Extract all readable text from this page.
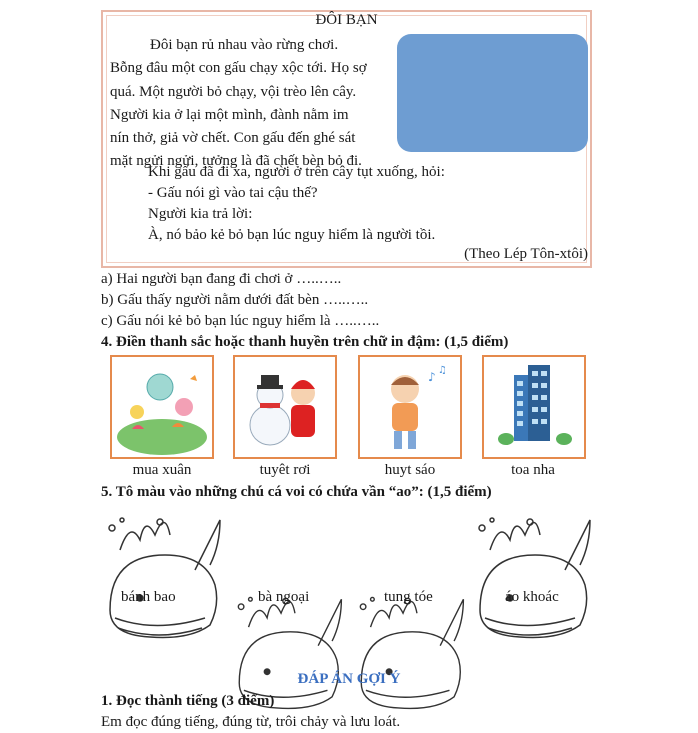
ĐÔI BẠN

Đôi bạn rủ nhau vào rừng chơi.

Bỗng đâu một con gấu chạy xộc tới. Họ sợ

quá. Một người bỏ chạy, vội trèo lên cây.

Người kia ở lại một mình, đành nằm im

nín thở, giả vờ chết. Con gấu đến ghé sát

mặt ngửi ngửi, tưởng là đã chết bèn bỏ đi.

Khi gấu đã đi xa, người ở trên cây tụt xuống, hỏi:
- Gấu nói gì vào tai cậu thế?
Người kia trả lời:
À, nó bảo kẻ bỏ bạn lúc nguy hiểm là người tồi.
(Theo Lép Tôn-xtôi)
a) Hai người bạn đang đi chơi ở …..…..
b) Gấu thấy người nằm dưới đất bèn …..…..
c) Gấu nói kẻ bỏ bạn lúc nguy hiểm là …..…..
4. Điền thanh sắc hoặc thanh huyền trên chữ in đậm: (1,5 điểm)
♪ ♫
mua xuân	tuyêt rơi	huyt sáo	toa nha
5. Tô màu vào những chú cá voi có chứa vần “ao”: (1,5 điểm)
bánh bao	bà ngoại	tung tóe	áo khoác
ĐÁP ÁN GỢI Ý
1. Đọc thành tiếng (3 điểm)
Em đọc đúng tiếng, đúng từ, trôi chảy và lưu loát.
